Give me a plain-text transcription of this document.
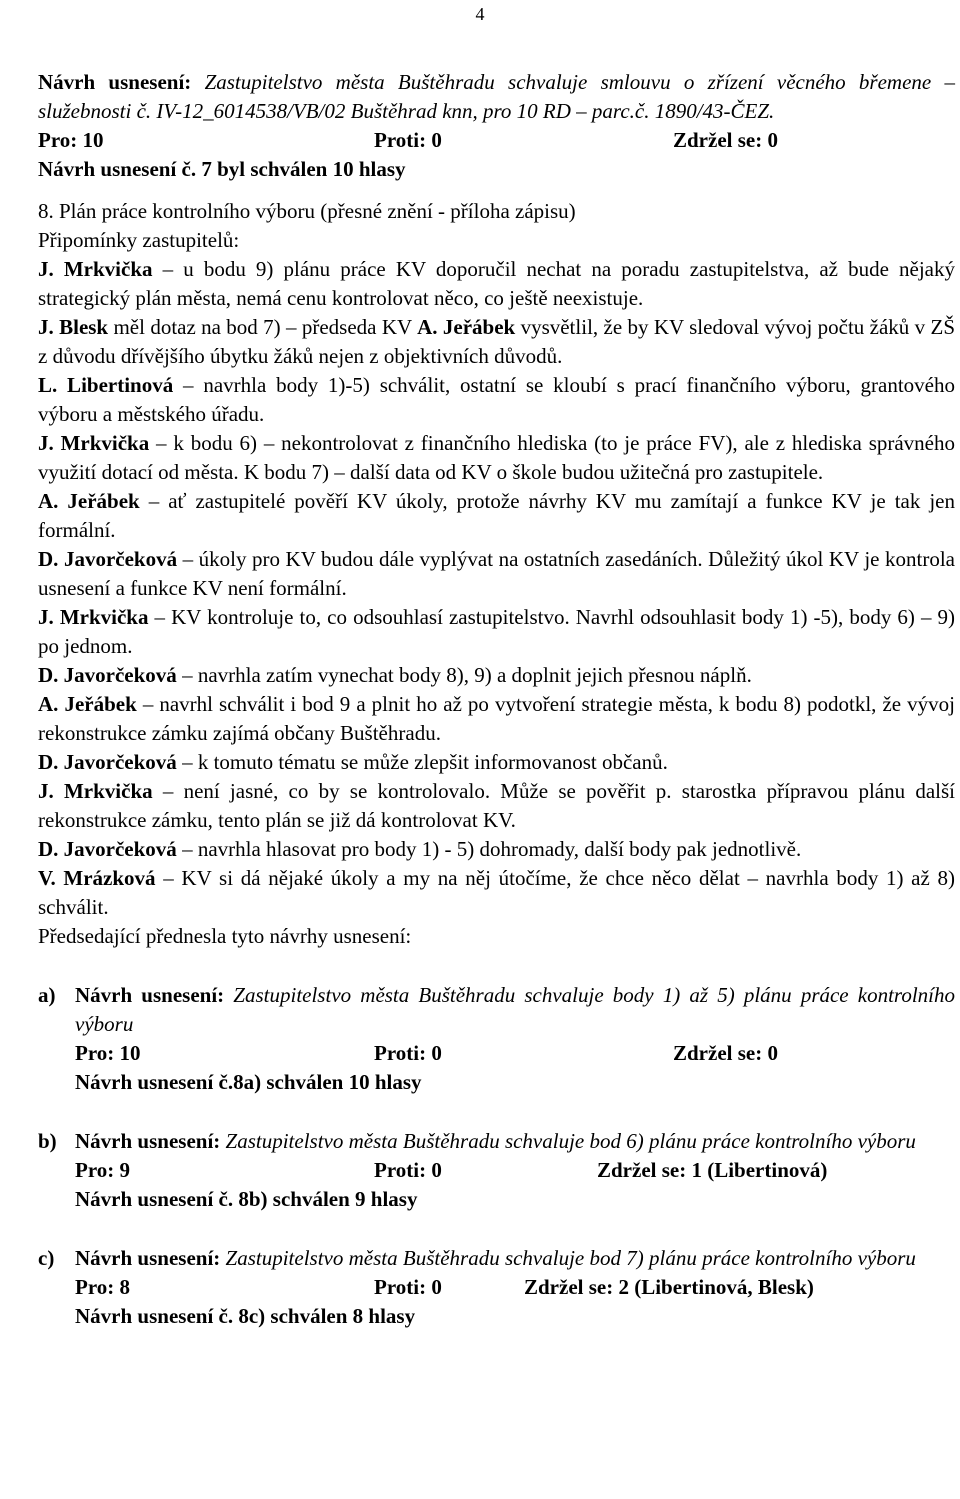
4

Návrh usnesení: Zastupitelstvo města Buštěhradu schvaluje smlouvu o zřízení věcného břemene – služebnosti č. IV-12_6014538/VB/02 Buštěhrad knn, pro 10 RD – parc.č. 1890/43-ČEZ.

Pro: 10	Proti: 0	Zdržel se: 0

Návrh usnesení č. 7 byl schválen 10 hlasy

8. Plán práce kontrolního výboru (přesné znění - příloha zápisu)

Připomínky zastupitelů:

J. Mrkvička – u bodu 9) plánu práce KV doporučil nechat na poradu zastupitelstva, až bude nějaký strategický plán města, nemá cenu kontrolovat něco, co ještě neexistuje.

J. Blesk měl dotaz na bod 7) – předseda KV A. Jeřábek vysvětlil, že by KV sledoval vývoj počtu žáků v ZŠ z důvodu dřívějšího úbytku žáků nejen z objektivních důvodů.

L. Libertinová – navrhla body 1)-5) schválit, ostatní se kloubí s prací finančního výboru, grantového výboru a městského úřadu.

J. Mrkvička – k bodu 6) – nekontrolovat z finančního hlediska (to je práce FV), ale z hlediska správného využití dotací od města. K bodu 7) – další data od KV o škole budou užitečná pro zastupitele.

A. Jeřábek – ať zastupitelé pověří KV úkoly, protože návrhy KV mu zamítají a funkce KV je tak jen formální.

D. Javorčeková – úkoly pro KV budou dále vyplývat na ostatních zasedáních. Důležitý úkol KV je kontrola usnesení a funkce KV není formální.

J. Mrkvička – KV kontroluje to, co odsouhlasí zastupitelstvo. Navrhl odsouhlasit body 1) -5), body 6) – 9) po jednom.

D. Javorčeková – navrhla zatím vynechat body 8), 9) a doplnit jejich přesnou náplň.

A. Jeřábek – navrhl schválit i bod 9 a plnit ho až po vytvoření strategie města, k bodu 8) podotkl, že vývoj rekonstrukce zámku zajímá občany Buštěhradu.

D. Javorčeková – k tomuto tématu se může zlepšit informovanost občanů.

J. Mrkvička – není jasné, co by se kontrolovalo. Může se pověřit p. starostka přípravou plánu další rekonstrukce zámku, tento plán se již dá kontrolovat KV.

D. Javorčeková – navrhla hlasovat pro body 1) - 5) dohromady, další body pak jednotlivě.

V. Mrázková – KV si dá nějaké úkoly a my na něj útočíme, že chce něco dělat – navrhla body 1) až 8) schválit.

Předsedající přednesla tyto návrhy usnesení:

a) Návrh usnesení: Zastupitelstvo města Buštěhradu schvaluje body 1) až 5) plánu práce kontrolního výboru

Pro: 10	Proti: 0	Zdržel se: 0

Návrh usnesení č.8a) schválen 10 hlasy

b) Návrh usnesení: Zastupitelstvo města Buštěhradu schvaluje bod 6) plánu práce kontrolního výboru

Pro: 9	Proti: 0	Zdržel se: 1 (Libertinová)

Návrh usnesení č. 8b) schválen 9 hlasy

c) Návrh usnesení: Zastupitelstvo města Buštěhradu schvaluje bod 7) plánu práce kontrolního výboru

Pro: 8	Proti: 0	Zdržel se: 2 (Libertinová, Blesk)

Návrh usnesení č. 8c) schválen 8 hlasy
